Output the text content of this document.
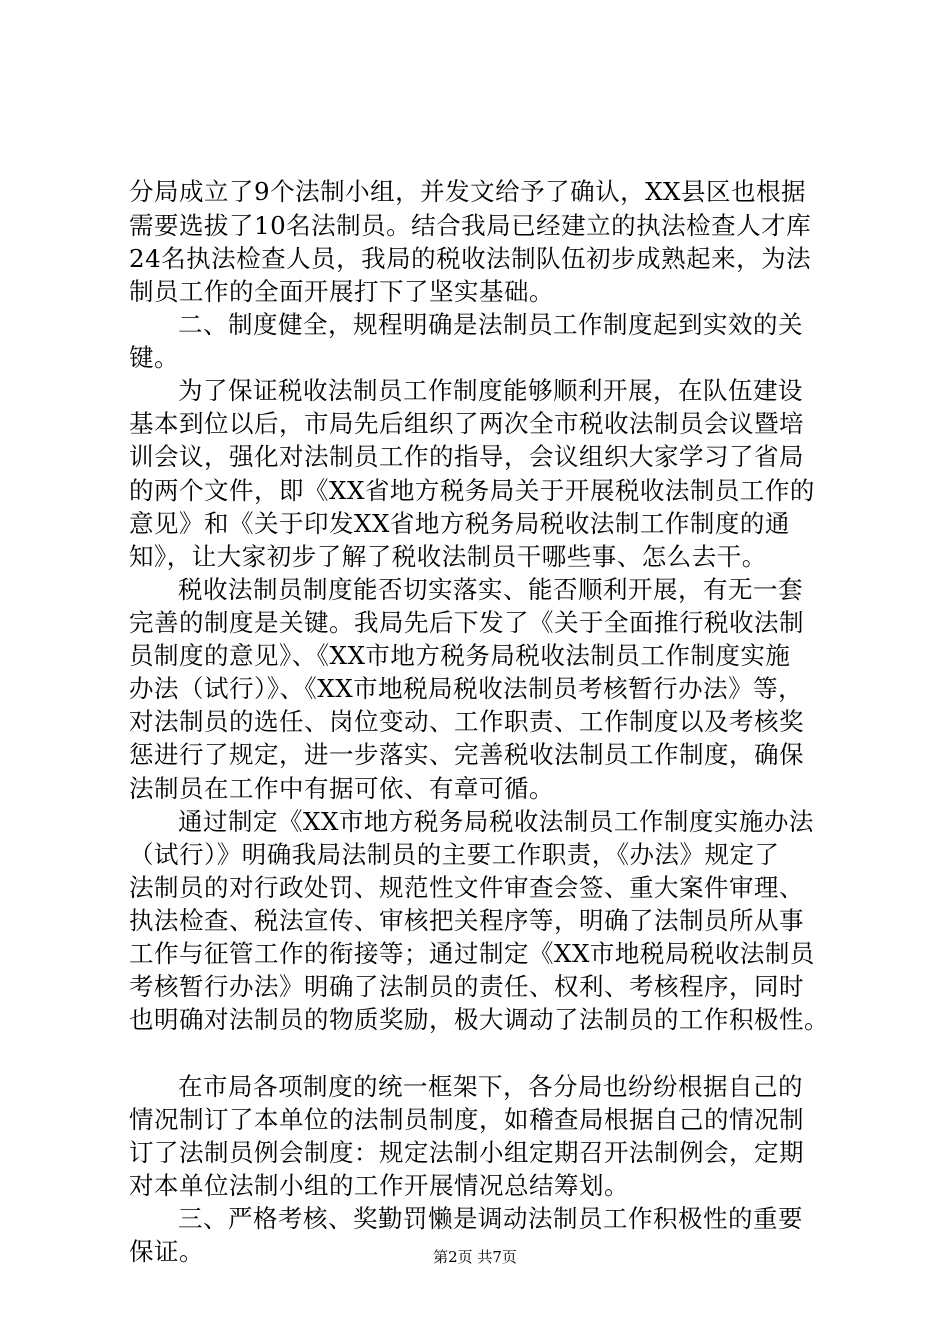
分局成立了9个法制小组，并发文给予了确认，XX县区也根据

需要选拔了10名法制员。结合我局已经建立的执法检查人才库

24名执法检查人员，我局的税收法制队伍初步成熟起来，为法

制员工作的全面开展打下了坚实基础。

二、制度健全，规程明确是法制员工作制度起到实效的关

键。

为了保证税收法制员工作制度能够顺利开展，在队伍建设

基本到位以后，市局先后组织了两次全市税收法制员会议暨培

训会议，强化对法制员工作的指导，会议组织大家学习了省局

的两个文件，即《XX省地方税务局关于开展税收法制员工作的

意见》和《关于印发XX省地方税务局税收法制工作制度的通

知》，让大家初步了解了税收法制员干哪些事、怎么去干。

税收法制员制度能否切实落实、能否顺利开展，有无一套

完善的制度是关键。我局先后下发了《关于全面推行税收法制

员制度的意见》、《XX市地方税务局税收法制员工作制度实施

办法（试行）》、《XX市地税局税收法制员考核暂行办法》等，

对法制员的选任、岗位变动、工作职责、工作制度以及考核奖

惩进行了规定，进一步落实、完善税收法制员工作制度，确保

法制员在工作中有据可依、有章可循。

通过制定《XX市地方税务局税收法制员工作制度实施办法

（试行）》明确我局法制员的主要工作职责，《办法》规定了

法制员的对行政处罚、规范性文件审查会签、重大案件审理、

执法检查、税法宣传、审核把关程序等，明确了法制员所从事

工作与征管工作的衔接等；通过制定《XX市地税局税收法制员

考核暂行办法》明确了法制员的责任、权利、考核程序，同时

也明确对法制员的物质奖励，极大调动了法制员的工作积极性。

在市局各项制度的统一框架下，各分局也纷纷根据自己的

情况制订了本单位的法制员制度，如稽查局根据自己的情况制

订了法制员例会制度：规定法制小组定期召开法制例会，定期

对本单位法制小组的工作开展情况总结筹划。

三、严格考核、奖勤罚懒是调动法制员工作积极性的重要

保证。	第2页 共7页
